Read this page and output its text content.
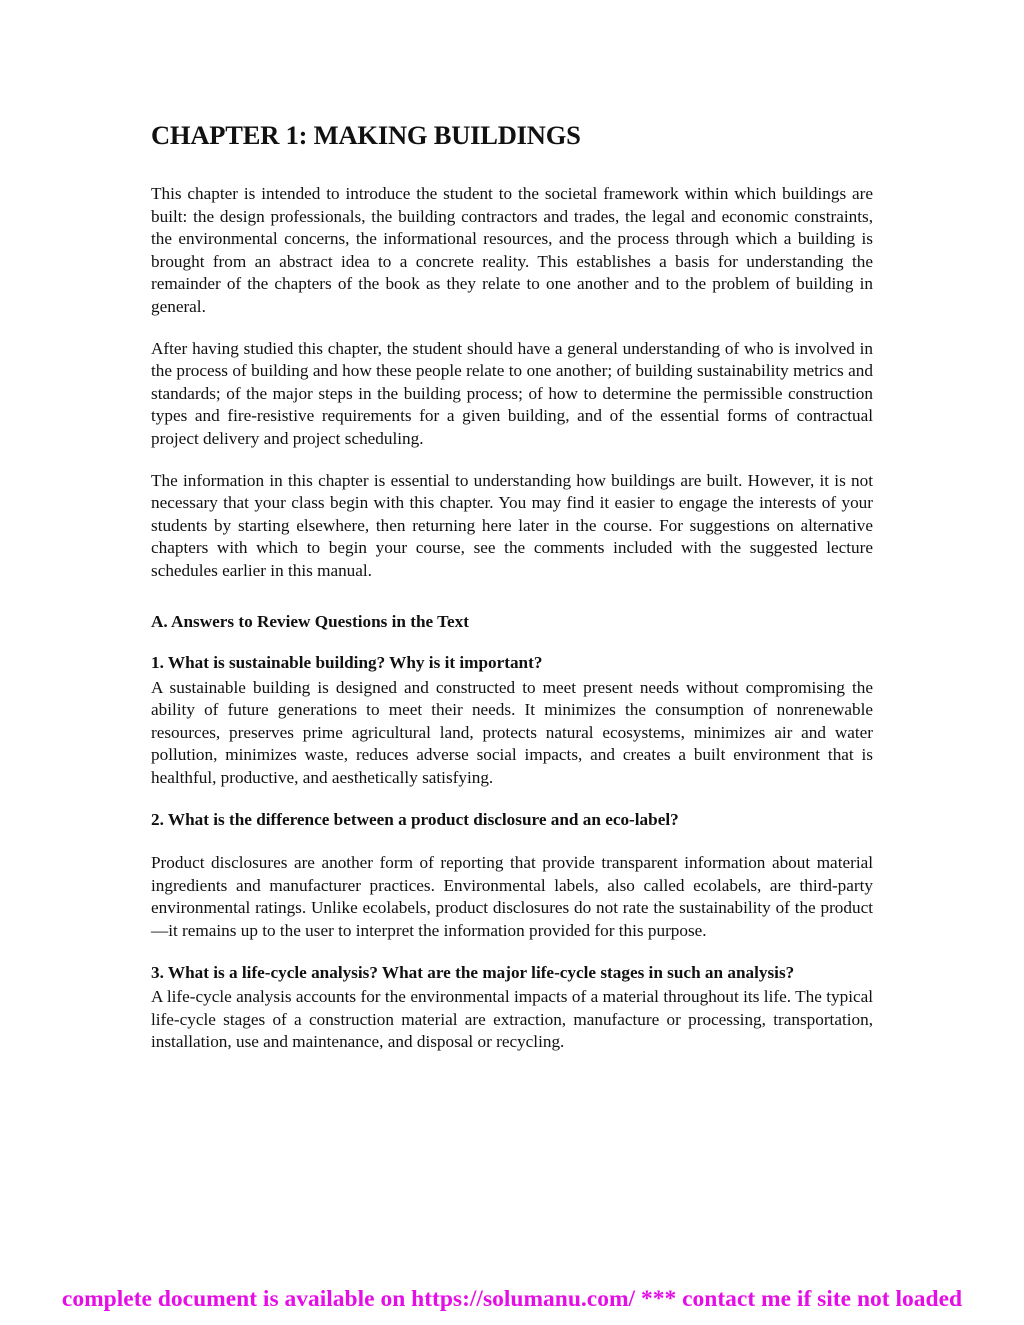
CHAPTER 1: MAKING BUILDINGS

This chapter is intended to introduce the student to the societal framework within which buildings are built: the design professionals, the building contractors and trades, the legal and economic constraints, the environmental concerns, the informational resources, and the process through which a building is brought from an abstract idea to a concrete reality. This establishes a basis for understanding the remainder of the chapters of the book as they relate to one another and to the problem of building in general.

After having studied this chapter, the student should have a general understanding of who is involved in the process of building and how these people relate to one another; of building sustainability metrics and standards; of the major steps in the building process; of how to determine the permissible construction types and fire-resistive requirements for a given building, and of the essential forms of contractual project delivery and project scheduling.

The information in this chapter is essential to understanding how buildings are built. However, it is not necessary that your class begin with this chapter. You may find it easier to engage the interests of your students by starting elsewhere, then returning here later in the course. For suggestions on alternative chapters with which to begin your course, see the comments included with the suggested lecture schedules earlier in this manual.

A. Answers to Review Questions in the Text
1. What is sustainable building? Why is it important?

A sustainable building is designed and constructed to meet present needs without compromising the ability of future generations to meet their needs. It minimizes the consumption of nonrenewable resources, preserves prime agricultural land, protects natural ecosystems, minimizes air and water pollution, minimizes waste, reduces adverse social impacts, and creates a built environment that is healthful, productive, and aesthetically satisfying.

2. What is the difference between a product disclosure and an eco-label?

Product disclosures are another form of reporting that provide transparent information about material ingredients and manufacturer practices. Environmental labels, also called ecolabels, are third-party environmental ratings. Unlike ecolabels, product disclosures do not rate the sustainability of the product—it remains up to the user to interpret the information provided for this purpose.

3. What is a life-cycle analysis? What are the major life-cycle stages in such an analysis?

A life-cycle analysis accounts for the environmental impacts of a material throughout its life. The typical life-cycle stages of a construction material are extraction, manufacture or processing, transportation, installation, use and maintenance, and disposal or recycling.

complete document is available on https://solumanu.com/ *** contact me if site not loaded
